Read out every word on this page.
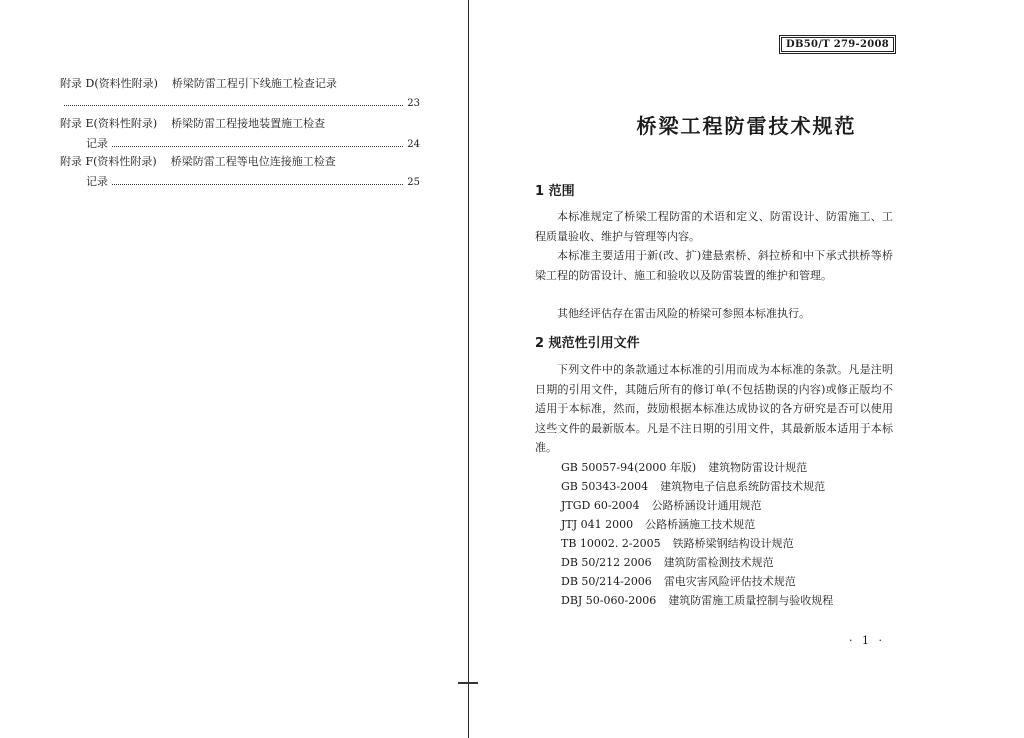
附录 D(资料性附录) 桥梁防雷工程引下线施工检查记录
23
附录 E(资料性附录) 桥梁防雷工程接地装置施工检查
记录	24
附录 F(资料性附录) 桥梁防雷工程等电位连接施工检查
记录	25
DB50/T 279-2008
桥梁工程防雷技术规范
1 范围
本标准规定了桥梁工程防雷的术语和定义、防雷设计、防雷施工、工程质量验收、维护与管理等内容。
本标准主要适用于新(改、扩)建悬索桥、斜拉桥和中下承式拱桥等桥梁工程的防雷设计、施工和验收以及防雷装置的维护和管理。
其他经评估存在雷击风险的桥梁可参照本标准执行。
2 规范性引用文件
下列文件中的条款通过本标准的引用而成为本标准的条款。凡是注明日期的引用文件，其随后所有的修订单(不包括勘误的内容)或修正版均不适用于本标准，然而，鼓励根据本标准达成协议的各方研究是否可以使用这些文件的最新版本。凡是不注日期的引用文件，其最新版本适用于本标准。
GB 50057-94(2000 年版) 建筑物防雷设计规范
GB 50343-2004 建筑物电子信息系统防雷技术规范
JTGD 60-2004 公路桥涵设计通用规范
JTJ 041 2000 公路桥涵施工技术规范
TB 10002. 2-2005 铁路桥梁钢结构设计规范
DB 50/212 2006 建筑防雷检测技术规范
DB 50/214-2006 雷电灾害风险评估技术规范
DBJ 50-060-2006 建筑防雷施工质量控制与验收规程
· 1 ·
